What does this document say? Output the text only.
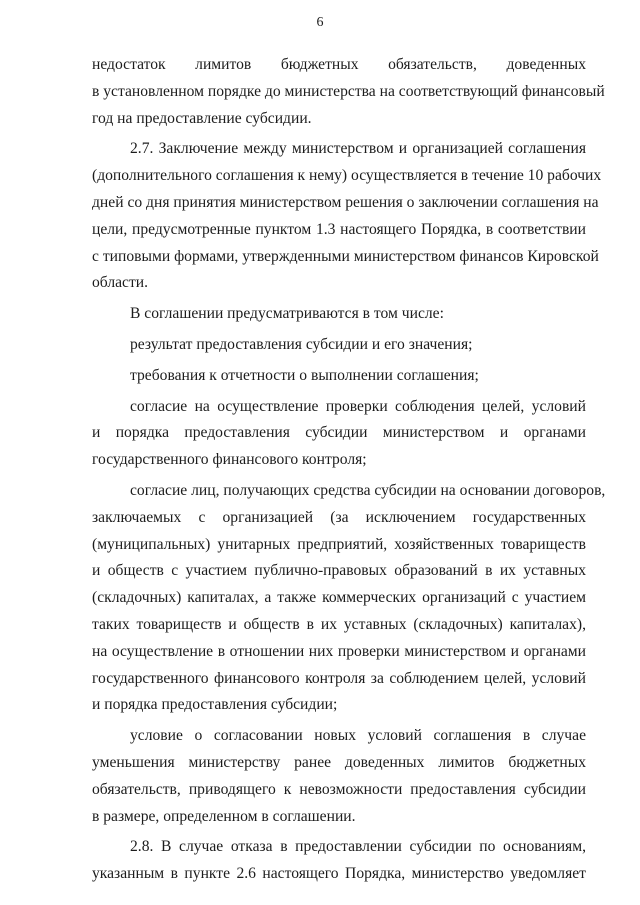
6
недостаток лимитов бюджетных обязательств, доведенных
в установленном порядке до министерства на соответствующий финансовый
год на предоставление субсидии.
2.7. Заключение между министерством и организацией соглашения
(дополнительного соглашения к нему) осуществляется в течение 10 рабочих
дней со дня принятия министерством решения о заключении соглашения на
цели, предусмотренные пунктом 1.3 настоящего Порядка, в соответствии
с типовыми формами, утвержденными министерством финансов Кировской
области.
В соглашении предусматриваются в том числе:
результат предоставления субсидии и его значения;
требования к отчетности о выполнении соглашения;
согласие на осуществление проверки соблюдения целей, условий
и порядка предоставления субсидии министерством и органами
государственного финансового контроля;
согласие лиц, получающих средства субсидии на основании договоров,
заключаемых с организацией (за исключением государственных
(муниципальных) унитарных предприятий, хозяйственных товариществ
и обществ с участием публично-правовых образований в их уставных
(складочных) капиталах, а также коммерческих организаций с участием
таких товариществ и обществ в их уставных (складочных) капиталах),
на осуществление в отношении них проверки министерством и органами
государственного финансового контроля за соблюдением целей, условий
и порядка предоставления субсидии;
условие о согласовании новых условий соглашения в случае
уменьшения министерству ранее доведенных лимитов бюджетных
обязательств, приводящего к невозможности предоставления субсидии
в размере, определенном в соглашении.
2.8. В случае отказа в предоставлении субсидии по основаниям,
указанным в пункте 2.6 настоящего Порядка, министерство уведомляет
